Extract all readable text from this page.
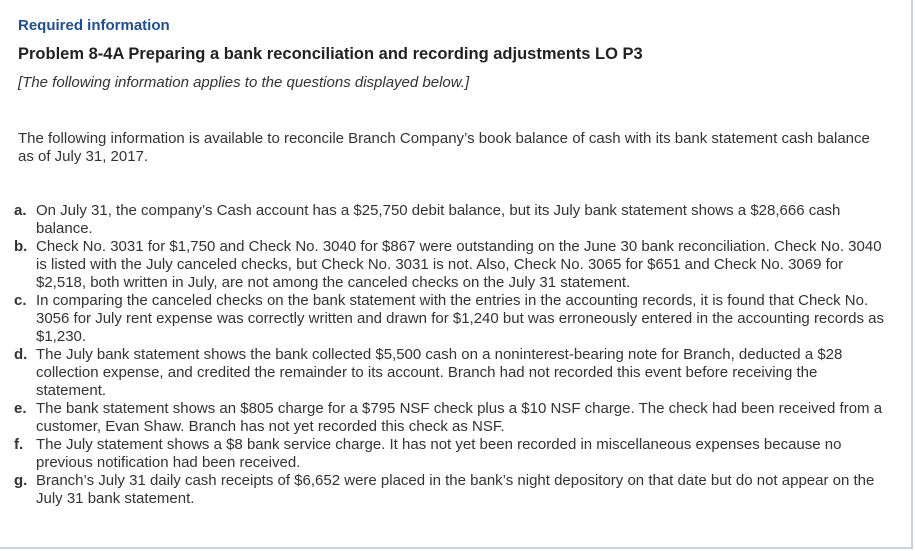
Required information
Problem 8-4A Preparing a bank reconciliation and recording adjustments LO P3
[The following information applies to the questions displayed below.]

The following information is available to reconcile Branch Company’s book balance of cash with its bank statement cash balance as of July 31, 2017.

a. On July 31, the company’s Cash account has a $25,750 debit balance, but its July bank statement shows a $28,666 cash balance.
b. Check No. 3031 for $1,750 and Check No. 3040 for $867 were outstanding on the June 30 bank reconciliation. Check No. 3040 is listed with the July canceled checks, but Check No. 3031 is not. Also, Check No. 3065 for $651 and Check No. 3069 for $2,518, both written in July, are not among the canceled checks on the July 31 statement.
c. In comparing the canceled checks on the bank statement with the entries in the accounting records, it is found that Check No. 3056 for July rent expense was correctly written and drawn for $1,240 but was erroneously entered in the accounting records as $1,230.
d. The July bank statement shows the bank collected $5,500 cash on a noninterest-bearing note for Branch, deducted a $28 collection expense, and credited the remainder to its account. Branch had not recorded this event before receiving the statement.
e. The bank statement shows an $805 charge for a $795 NSF check plus a $10 NSF charge. The check had been received from a customer, Evan Shaw. Branch has not yet recorded this check as NSF.
f. The July statement shows a $8 bank service charge. It has not yet been recorded in miscellaneous expenses because no previous notification had been received.
g. Branch’s July 31 daily cash receipts of $6,652 were placed in the bank’s night depository on that date but do not appear on the July 31 bank statement.
